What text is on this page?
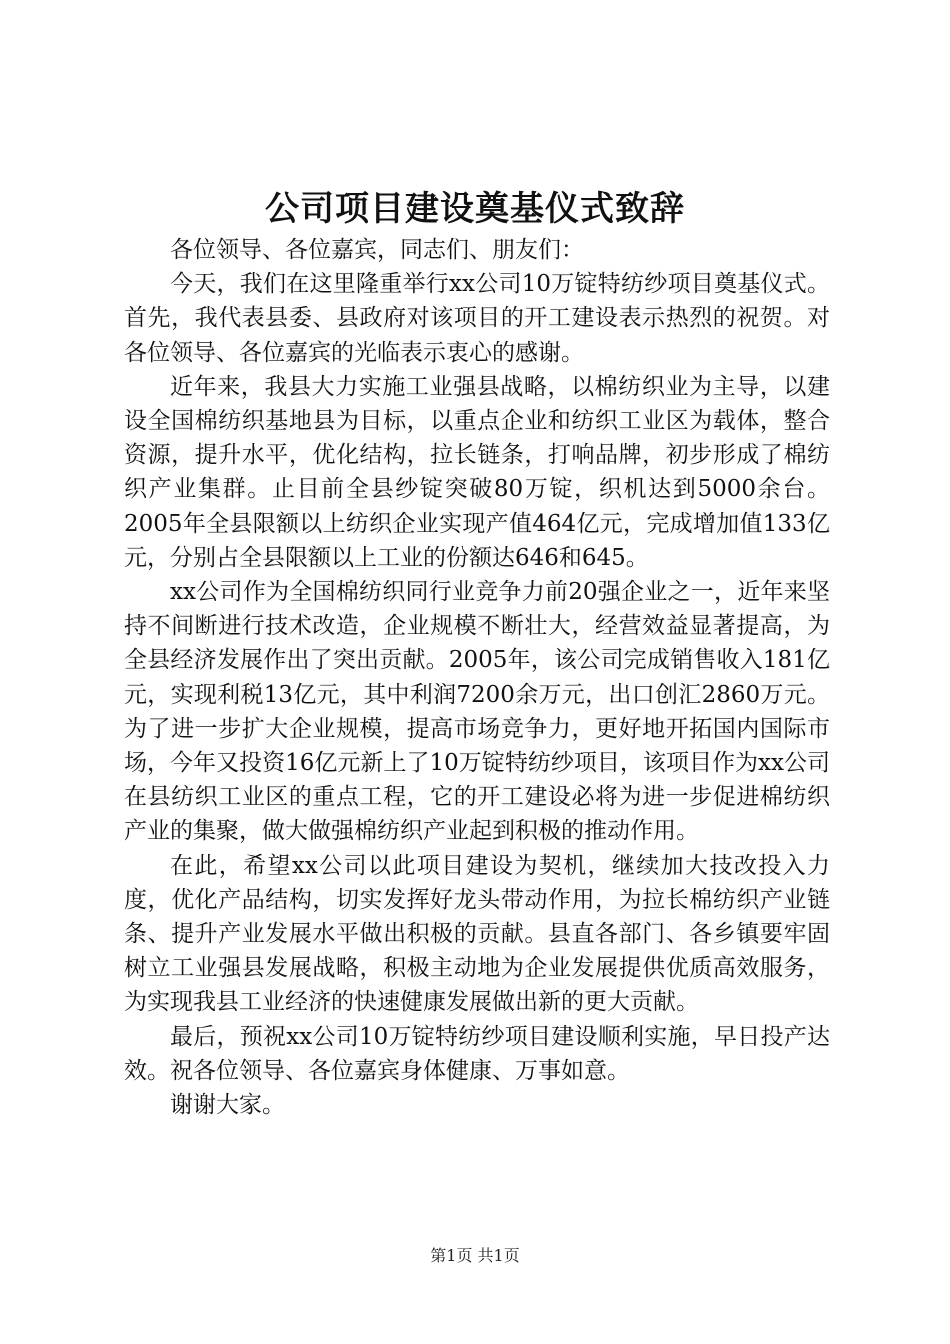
公司项目建设奠基仪式致辞

各位领导、各位嘉宾，同志们、朋友们：

今天，我们在这里隆重举行xx公司10万锭特纺纱项目奠基仪式。首先，我代表县委、县政府对该项目的开工建设表示热烈的祝贺。对各位领导、各位嘉宾的光临表示衷心的感谢。

近年来，我县大力实施工业强县战略，以棉纺织业为主导，以建设全国棉纺织基地县为目标，以重点企业和纺织工业区为载体，整合资源，提升水平，优化结构，拉长链条，打响品牌，初步形成了棉纺织产业集群。止目前全县纱锭突破80万锭，织机达到5000余台。2005年全县限额以上纺织企业实现产值464亿元，完成增加值133亿元，分别占全县限额以上工业的份额达646和645。

xx公司作为全国棉纺织同行业竞争力前20强企业之一，近年来坚持不间断进行技术改造，企业规模不断壮大，经营效益显著提高，为全县经济发展作出了突出贡献。2005年，该公司完成销售收入181亿元，实现利税13亿元，其中利润7200余万元，出口创汇2860万元。为了进一步扩大企业规模，提高市场竞争力，更好地开拓国内国际市场，今年又投资16亿元新上了10万锭特纺纱项目，该项目作为xx公司在县纺织工业区的重点工程，它的开工建设必将为进一步促进棉纺织产业的集聚，做大做强棉纺织产业起到积极的推动作用。

在此，希望xx公司以此项目建设为契机，继续加大技改投入力度，优化产品结构，切实发挥好龙头带动作用，为拉长棉纺织产业链条、提升产业发展水平做出积极的贡献。县直各部门、各乡镇要牢固树立工业强县发展战略，积极主动地为企业发展提供优质高效服务，为实现我县工业经济的快速健康发展做出新的更大贡献。

最后，预祝xx公司10万锭特纺纱项目建设顺利实施，早日投产达效。祝各位领导、各位嘉宾身体健康、万事如意。

谢谢大家。

第1页 共1页
